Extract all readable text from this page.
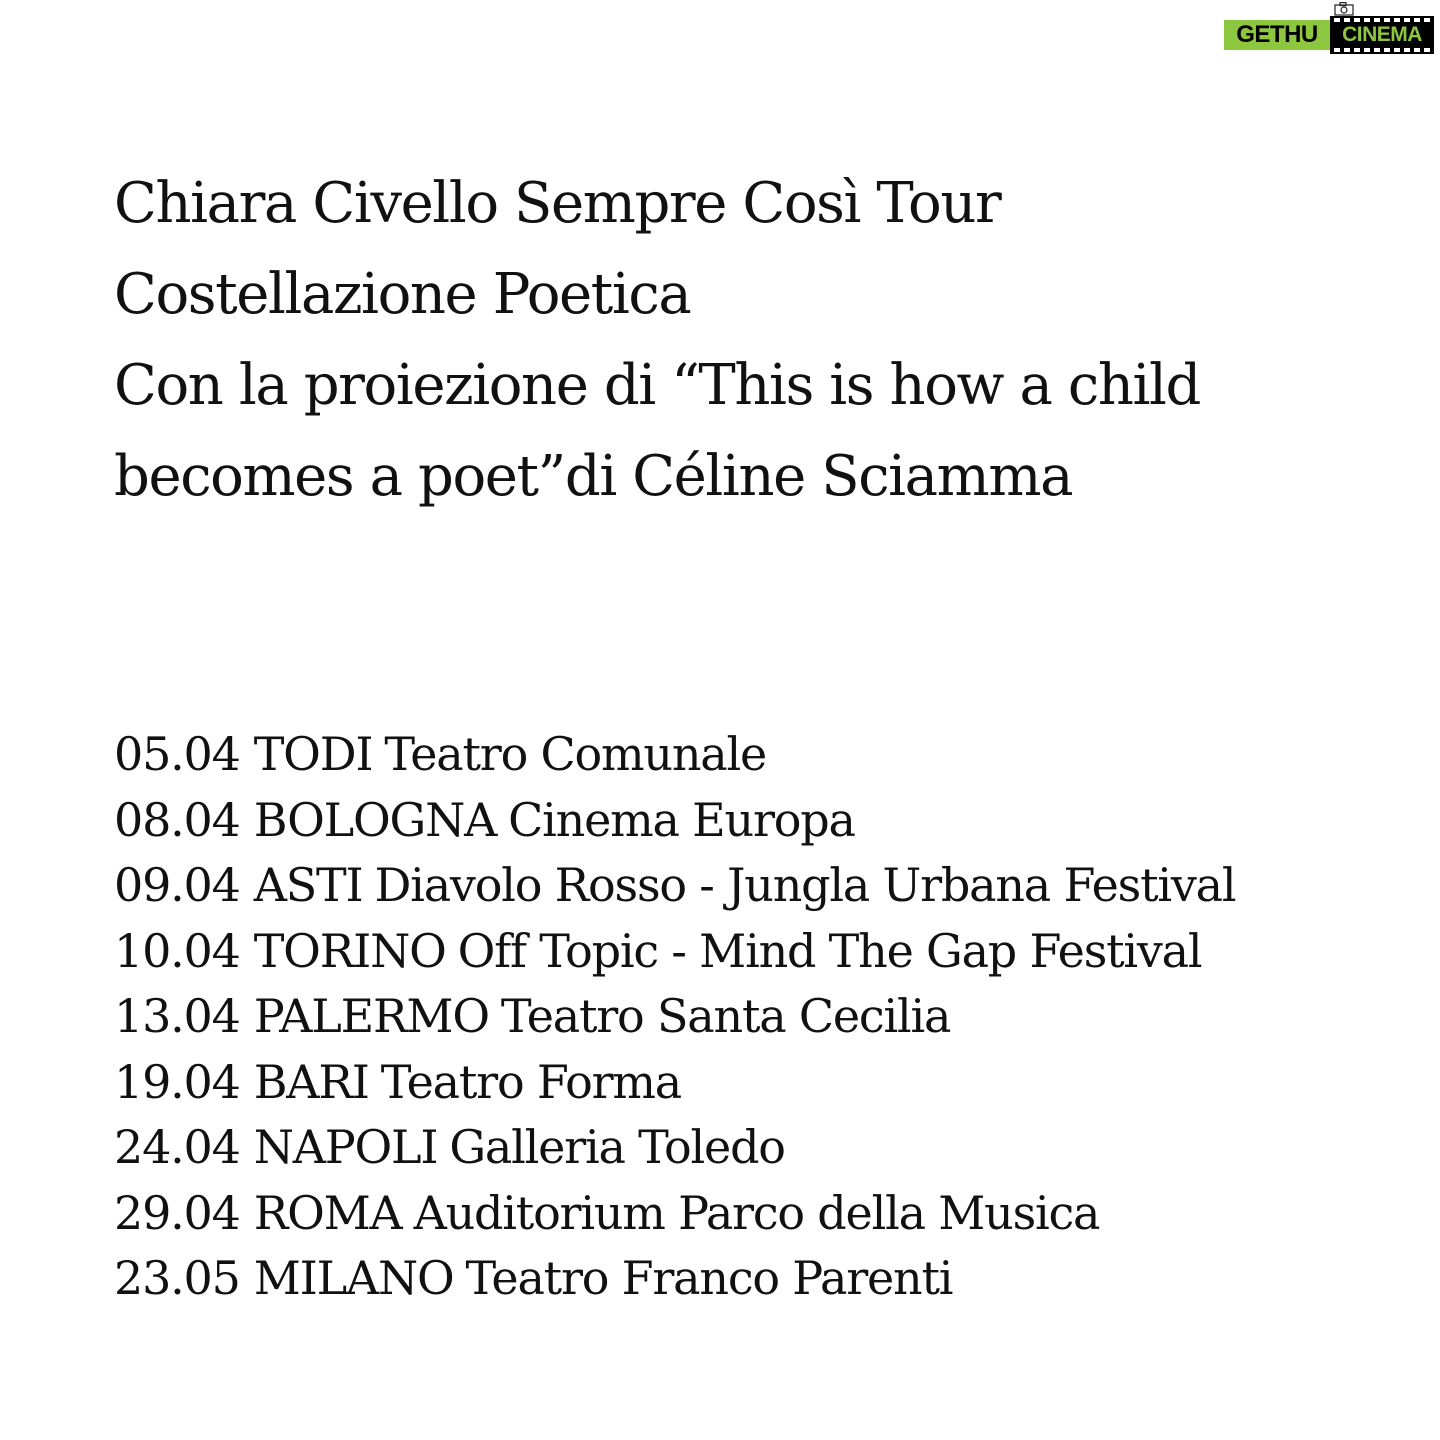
GETHU	CINEMA
Chiara Civello Sempre Così Tour
Costellazione Poetica
Con la proiezione di “This is how a child
becomes a poet”di Céline Sciamma
05.04 TODI Teatro Comunale
08.04 BOLOGNA Cinema Europa
09.04 ASTI Diavolo Rosso - Jungla Urbana Festival
10.04 TORINO Off Topic - Mind The Gap Festival
13.04 PALERMO Teatro Santa Cecilia
19.04 BARI Teatro Forma
24.04 NAPOLI Galleria Toledo
29.04 ROMA Auditorium Parco della Musica
23.05 MILANO Teatro Franco Parenti
